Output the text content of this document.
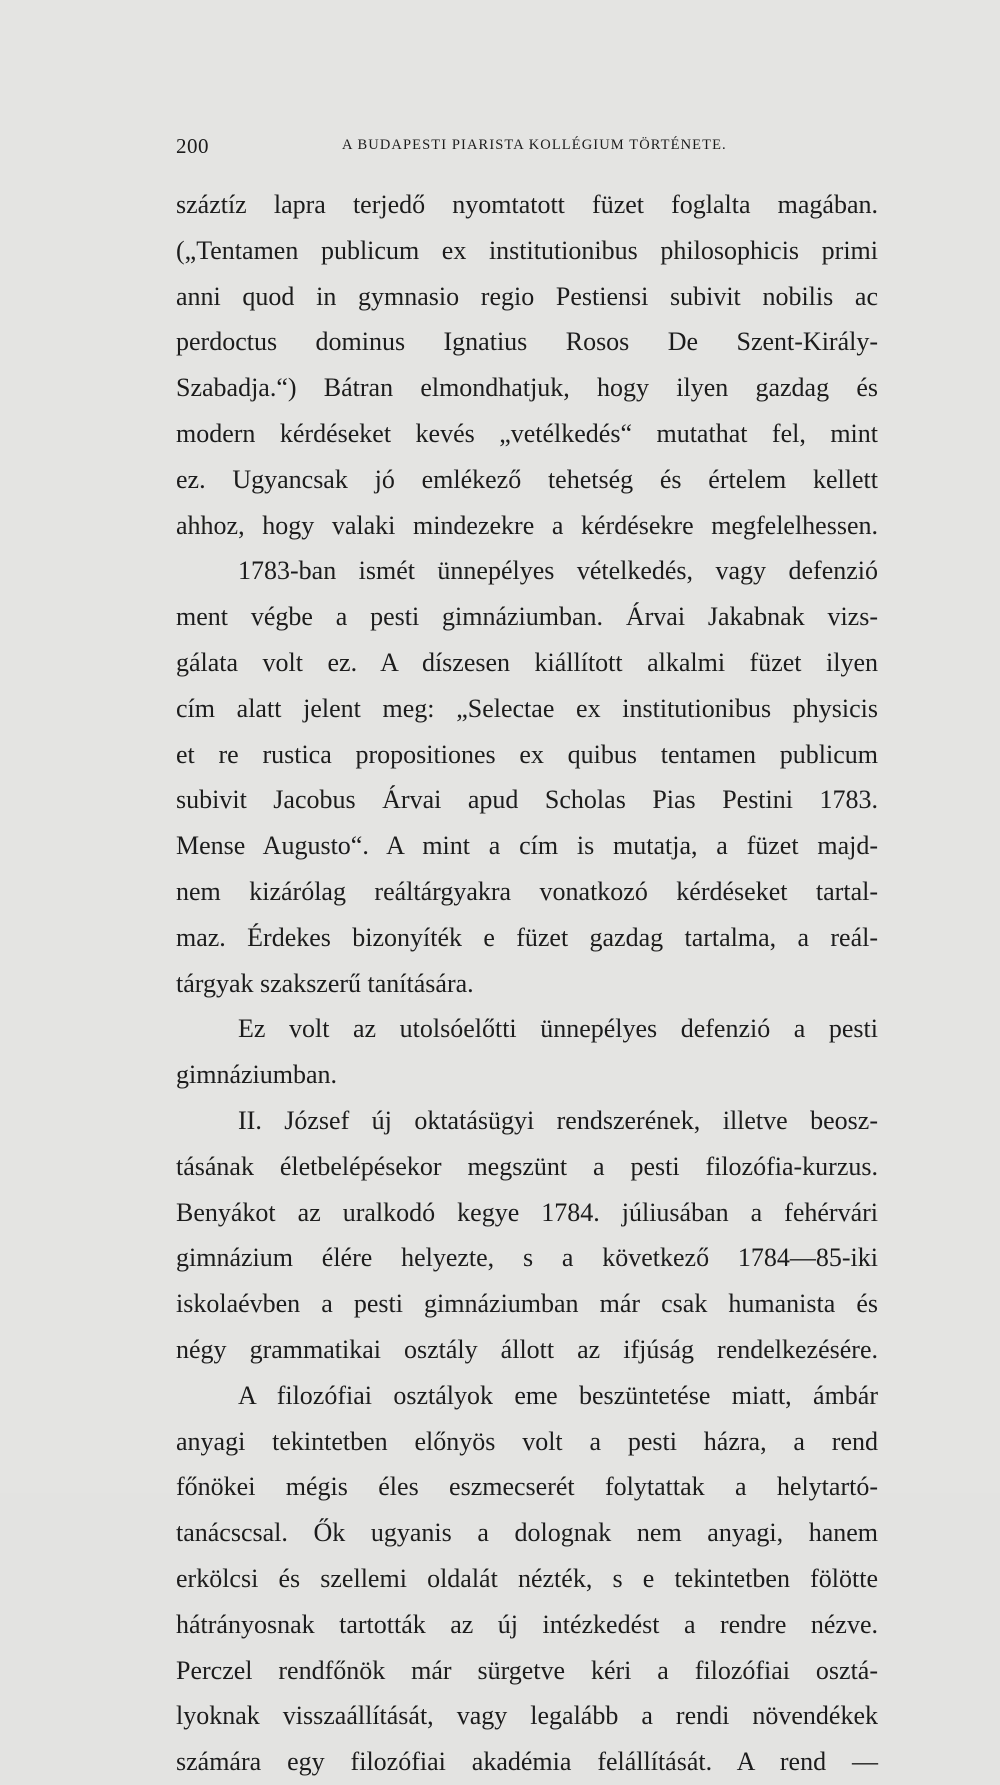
200	A BUDAPESTI PIARISTA KOLLÉGIUM TÖRTÉNETE.
száztíz lapra terjedő nyomtatott füzet foglalta magában.
(„Tentamen publicum ex institutionibus philosophicis primi
anni quod in gymnasio regio Pestiensi subivit nobilis ac
perdoctus dominus Ignatius Rosos De Szent-Király-
Szabadja.“) Bátran elmondhatjuk, hogy ilyen gazdag és
modern kérdéseket kevés „vetélkedés“ mutathat fel, mint
ez. Ugyancsak jó emlékező tehetség és értelem kellett
ahhoz, hogy valaki mindezekre a kérdésekre megfelelhessen.
1783-ban ismét ünnepélyes vételkedés, vagy defenzió
ment végbe a pesti gimnáziumban. Árvai Jakabnak vizs-
gálata volt ez. A díszesen kiállított alkalmi füzet ilyen
cím alatt jelent meg: „Selectae ex institutionibus physicis
et re rustica propositiones ex quibus tentamen publicum
subivit Jacobus Árvai apud Scholas Pias Pestini 1783.
Mense Augusto“. A mint a cím is mutatja, a füzet majd-
nem kizárólag reáltárgyakra vonatkozó kérdéseket tartal-
maz. Érdekes bizonyíték e füzet gazdag tartalma, a reál-
tárgyak szakszerű tanítására.
Ez volt az utolsóelőtti ünnepélyes defenzió a pesti
gimnáziumban.
II. József új oktatásügyi rendszerének, illetve beosz-
tásának életbelépésekor megszünt a pesti filozófia-kurzus.
Benyákot az uralkodó kegye 1784. júliusában a fehérvári
gimnázium élére helyezte, s a következő 1784—85-iki
iskolaévben a pesti gimnáziumban már csak humanista és
négy grammatikai osztály állott az ifjúság rendelkezésére.
A filozófiai osztályok eme beszüntetése miatt, ámbár
anyagi tekintetben előnyös volt a pesti házra, a rend
főnökei mégis éles eszmecserét folytattak a helytartó-
tanácscsal. Ők ugyanis a dolognak nem anyagi, hanem
erkölcsi és szellemi oldalát nézték, s e tekintetben fölötte
hátrányosnak tartották az új intézkedést a rendre nézve.
Perczel rendfőnök már sürgetve kéri a filozófiai osztá-
lyoknak visszaállítását, vagy legalább a rendi növendékek
számára egy filozófiai akadémia felállítását. A rend —
